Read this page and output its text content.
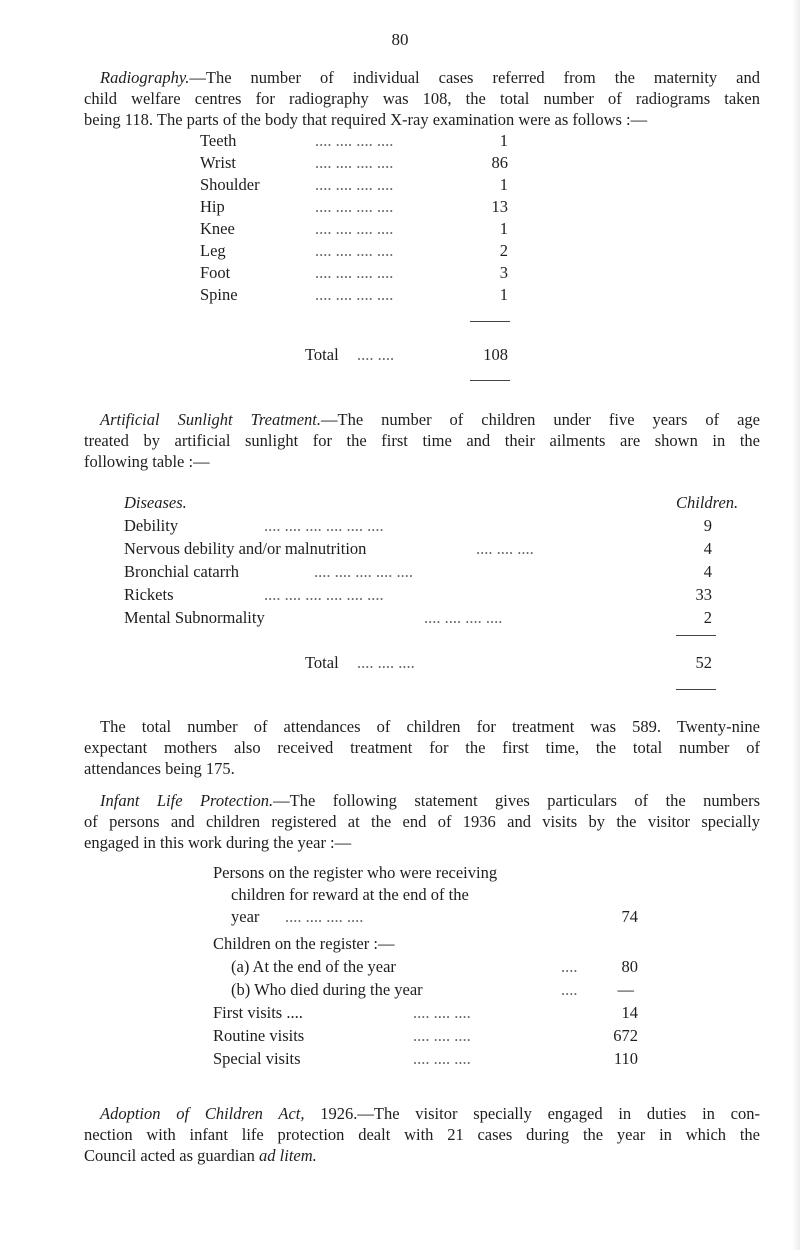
80
Radiography.—The number of individual cases referred from the maternity and
child welfare centres for radiography was 108, the total number of radiograms taken
being 118. The parts of the body that required X-ray examination were as follows :—
Teeth	.... .... .... ....	1
Wrist	.... .... .... ....	86
Shoulder	.... .... .... ....	1
Hip	.... .... .... ....	13
Knee	.... .... .... ....	1
Leg	.... .... .... ....	2
Foot	.... .... .... ....	3
Spine	.... .... .... ....	1
Total .... ....	108
Artificial Sunlight Treatment.—The number of children under five years of age
treated by artificial sunlight for the first time and their ailments are shown in the
following table :—
Diseases.	Children.
Debility	.... .... .... .... .... ....	9
Nervous debility and/or malnutrition	.... .... ....	4
Bronchial catarrh	.... .... .... .... ....	4
Rickets	.... .... .... .... .... ....	33
Mental Subnormality	.... .... .... ....	2
Total .... .... ....	52
The total number of attendances of children for treatment was 589. Twenty-nine
expectant mothers also received treatment for the first time, the total number of
attendances being 175.
Infant Life Protection.—The following statement gives particulars of the numbers
of persons and children registered at the end of 1936 and visits by the visitor specially
engaged in this work during the year :—
Persons on the register who were receiving
children for reward at the end of the
year .... .... .... ....	74
Children on the register :—
(a) At the end of the year	....	80
(b) Who died during the year	.... —
First visits ....	.... .... ....	14
Routine visits	.... .... ....	672
Special visits	.... .... ....	110
Adoption of Children Act, 1926.—The visitor specially engaged in duties in con-
nection with infant life protection dealt with 21 cases during the year in which the
Council acted as guardian ad litem.
